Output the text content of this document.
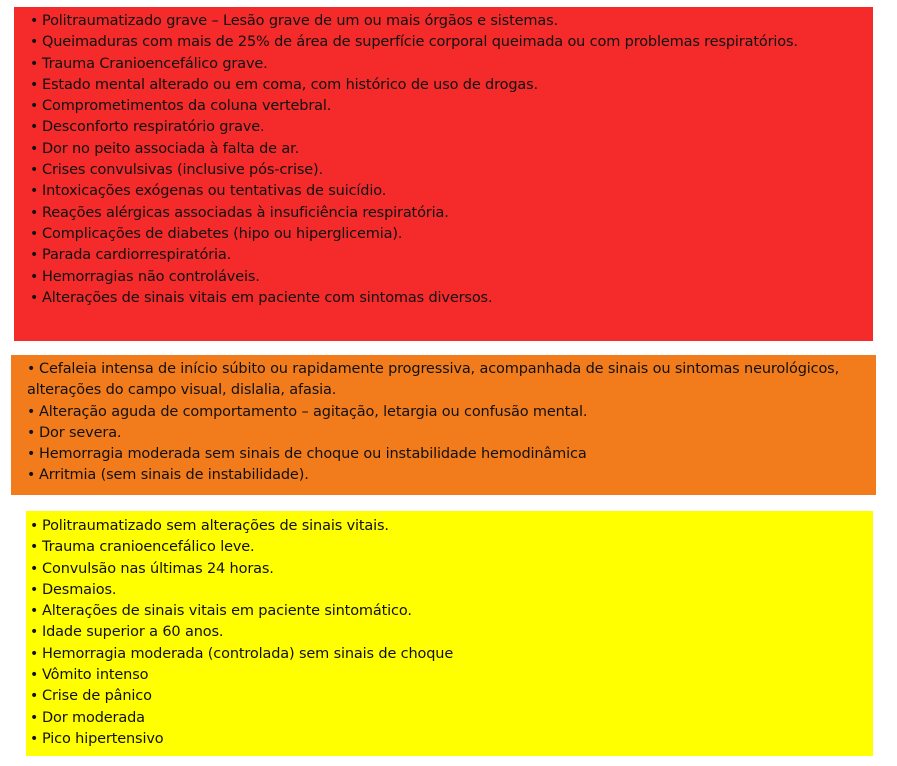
• Politraumatizado grave – Lesão grave de um ou mais órgãos e sistemas.
• Queimaduras com mais de 25% de área de superfície corporal queimada ou com problemas respiratórios.
• Trauma Cranioencefálico grave.
• Estado mental alterado ou em coma, com histórico de uso de drogas.
• Comprometimentos da coluna vertebral.
• Desconforto respiratório grave.
• Dor no peito associada à falta de ar.
• Crises convulsivas (inclusive pós-crise).
• Intoxicações exógenas ou tentativas de suicídio.
• Reações alérgicas associadas à insuficiência respiratória.
• Complicações de diabetes (hipo ou hiperglicemia).
• Parada cardiorrespiratória.
• Hemorragias não controláveis.
• Alterações de sinais vitais em paciente com sintomas diversos.
• Cefaleia intensa de início súbito ou rapidamente progressiva, acompanhada de sinais ou sintomas neurológicos, alterações do campo visual, dislalia, afasia.
• Alteração aguda de comportamento – agitação, letargia ou confusão mental.
• Dor severa.
• Hemorragia moderada sem sinais de choque ou instabilidade hemodinâmica
• Arritmia (sem sinais de instabilidade).
• Politraumatizado sem alterações de sinais vitais.
• Trauma cranioencefálico leve.
• Convulsão nas últimas 24 horas.
• Desmaios.
• Alterações de sinais vitais em paciente sintomático.
• Idade superior a 60 anos.
• Hemorragia moderada (controlada) sem sinais de choque
• Vômito intenso
• Crise de pânico
• Dor moderada
• Pico hipertensivo
